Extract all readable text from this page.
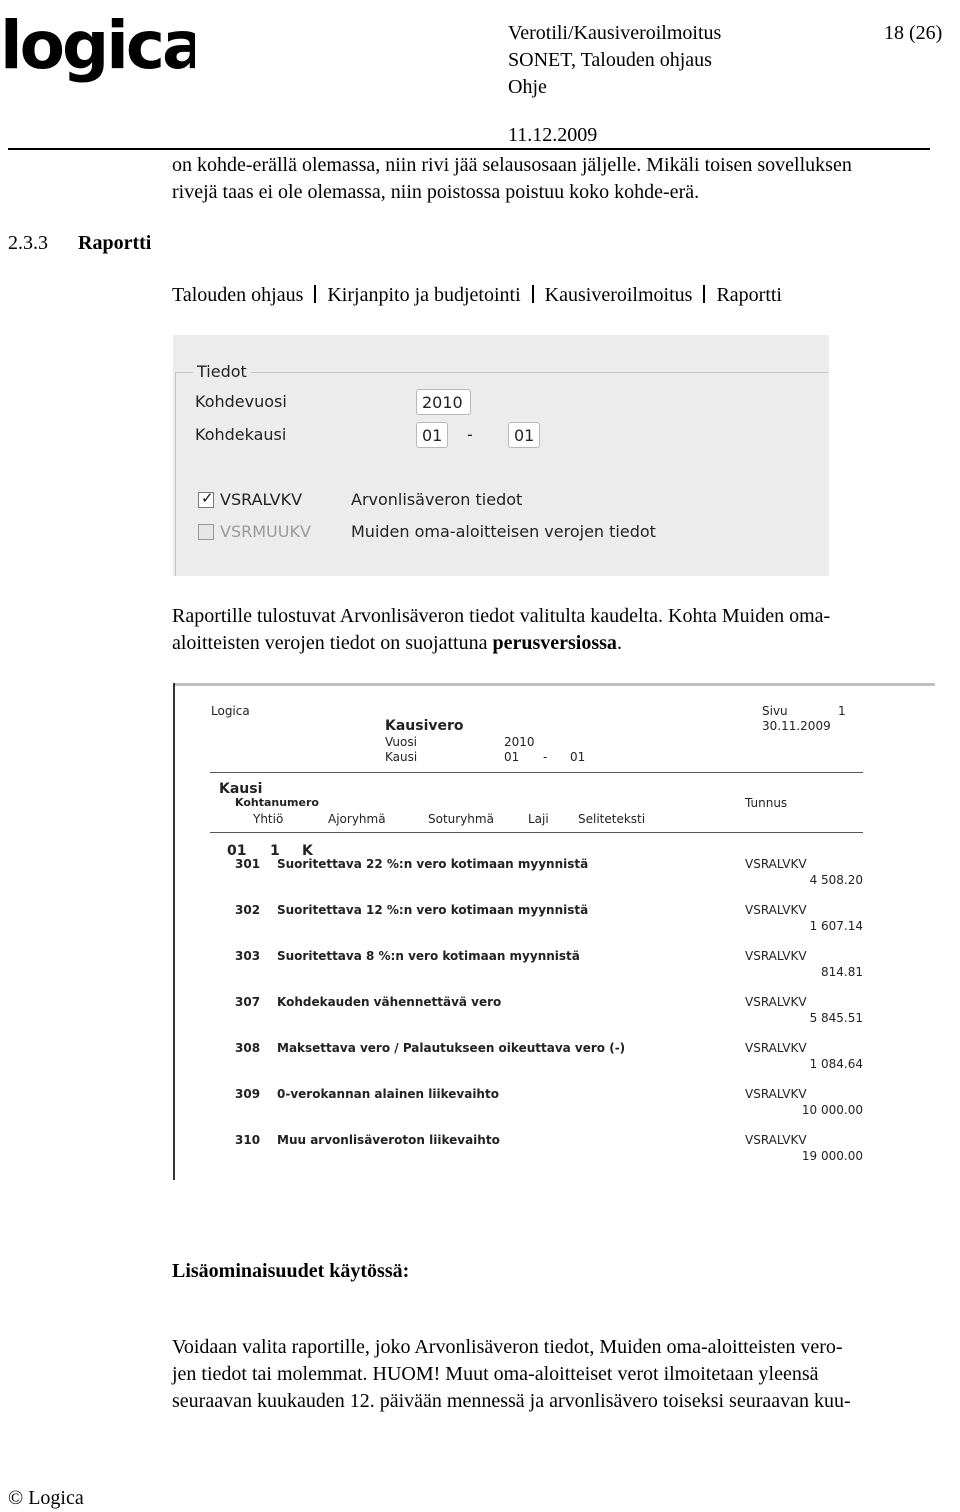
logica	Verotili/Kausiveroilmoitus	18 (26)
SONET, Talouden ohjaus
Ohje
11.12.2009
on kohde-erällä olemassa, niin rivi jää selausosaan jäljelle. Mikäli toisen sovelluksen
rivejä taas ei ole olemassa, niin poistossa poistuu koko kohde-erä.
2.3.3 Raportti
Talouden ohjaus Kirjanpito ja budjetointi Kausiveroilmoitus Raportti
Tiedot
Kohdevuosi	2010
Kohdekausi	01	-	01
✓ VSRALVKV	Arvonlisäveron tiedot
VSRMUUKV	Muiden oma-aloitteisen verojen tiedot
Raportille tulostuvat Arvonlisäveron tiedot valitulta kaudelta. Kohta Muiden oma-
aloitteisten verojen tiedot on suojattuna perusversiossa.
Logica
Kausivero
Vuosi	2010
Kausi	01 - 01
Sivu	1
30.11.2009
Kausi
Kohtanumero	Tunnus
Yhtiö	Ajoryhmä	Soturyhmä	Laji Seliteteksti
01 1 K
301 Suoritettava 22 %:n vero kotimaan myynnistä	VSRALVKV
4 508.20
302 Suoritettava 12 %:n vero kotimaan myynnistä	VSRALVKV
1 607.14
303 Suoritettava 8 %:n vero kotimaan myynnistä	VSRALVKV
814.81
307 Kohdekauden vähennettävä vero	VSRALVKV
5 845.51
308 Maksettava vero / Palautukseen oikeuttava vero (-)	VSRALVKV
1 084.64
309 0-verokannan alainen liikevaihto	VSRALVKV
10 000.00
310 Muu arvonlisäveroton liikevaihto	VSRALVKV
19 000.00
Lisäominaisuudet käytössä:
Voidaan valita raportille, joko Arvonlisäveron tiedot, Muiden oma-aloitteisten vero-
jen tiedot tai molemmat. HUOM! Muut oma-aloitteiset verot ilmoitetaan yleensä
seuraavan kuukauden 12. päivään mennessä ja arvonlisävero toiseksi seuraavan kuu-
© Logica
